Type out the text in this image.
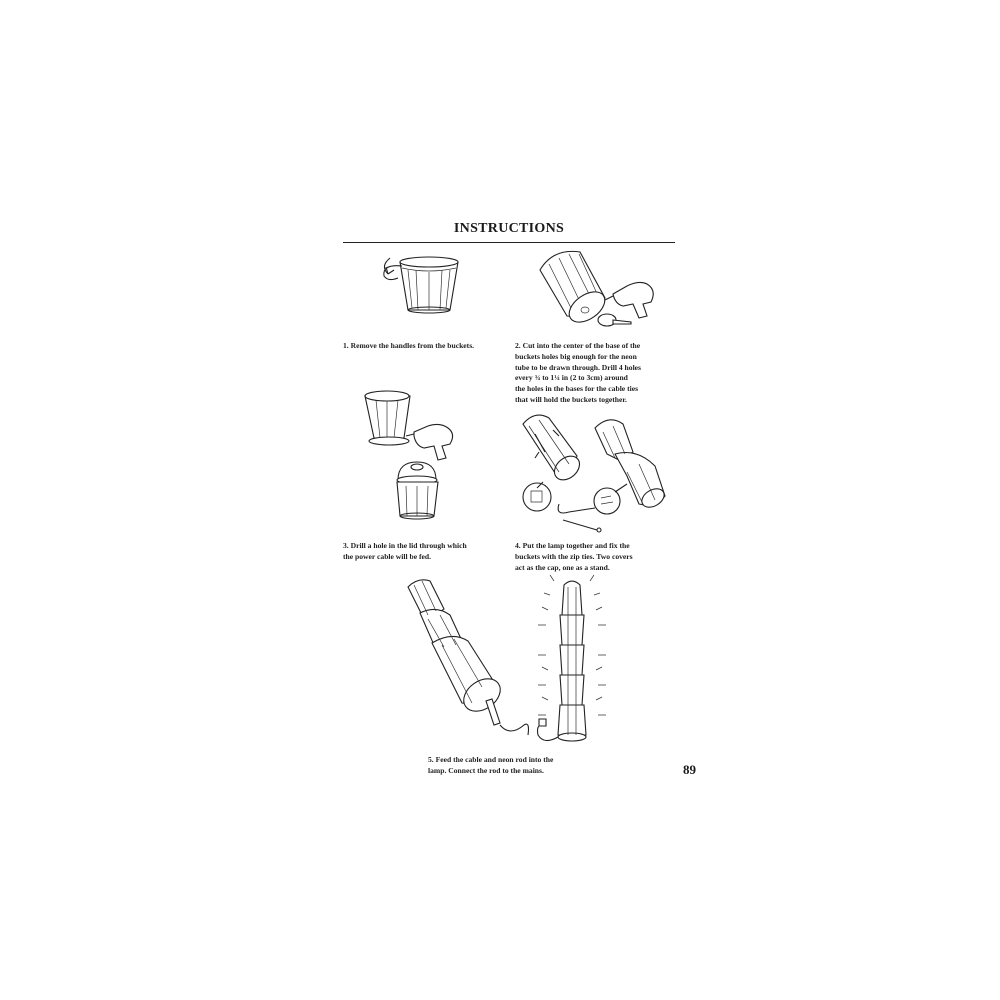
INSTRUCTIONS
1. Remove the handles from the buckets.	2. Cut into the center of the base of the
buckets holes big enough for the neon
tube to be drawn through. Drill 4 holes
every ¾ to 1¼ in (2 to 3cm) around
the holes in the bases for the cable ties
that will hold the buckets together.
3. Drill a hole in the lid through which
the power cable will be fed.
4. Put the lamp together and fix the
buckets with the zip ties. Two covers
act as the cap, one as a stand.
5. Feed the cable and neon rod into the
lamp. Connect the rod to the mains.	89
